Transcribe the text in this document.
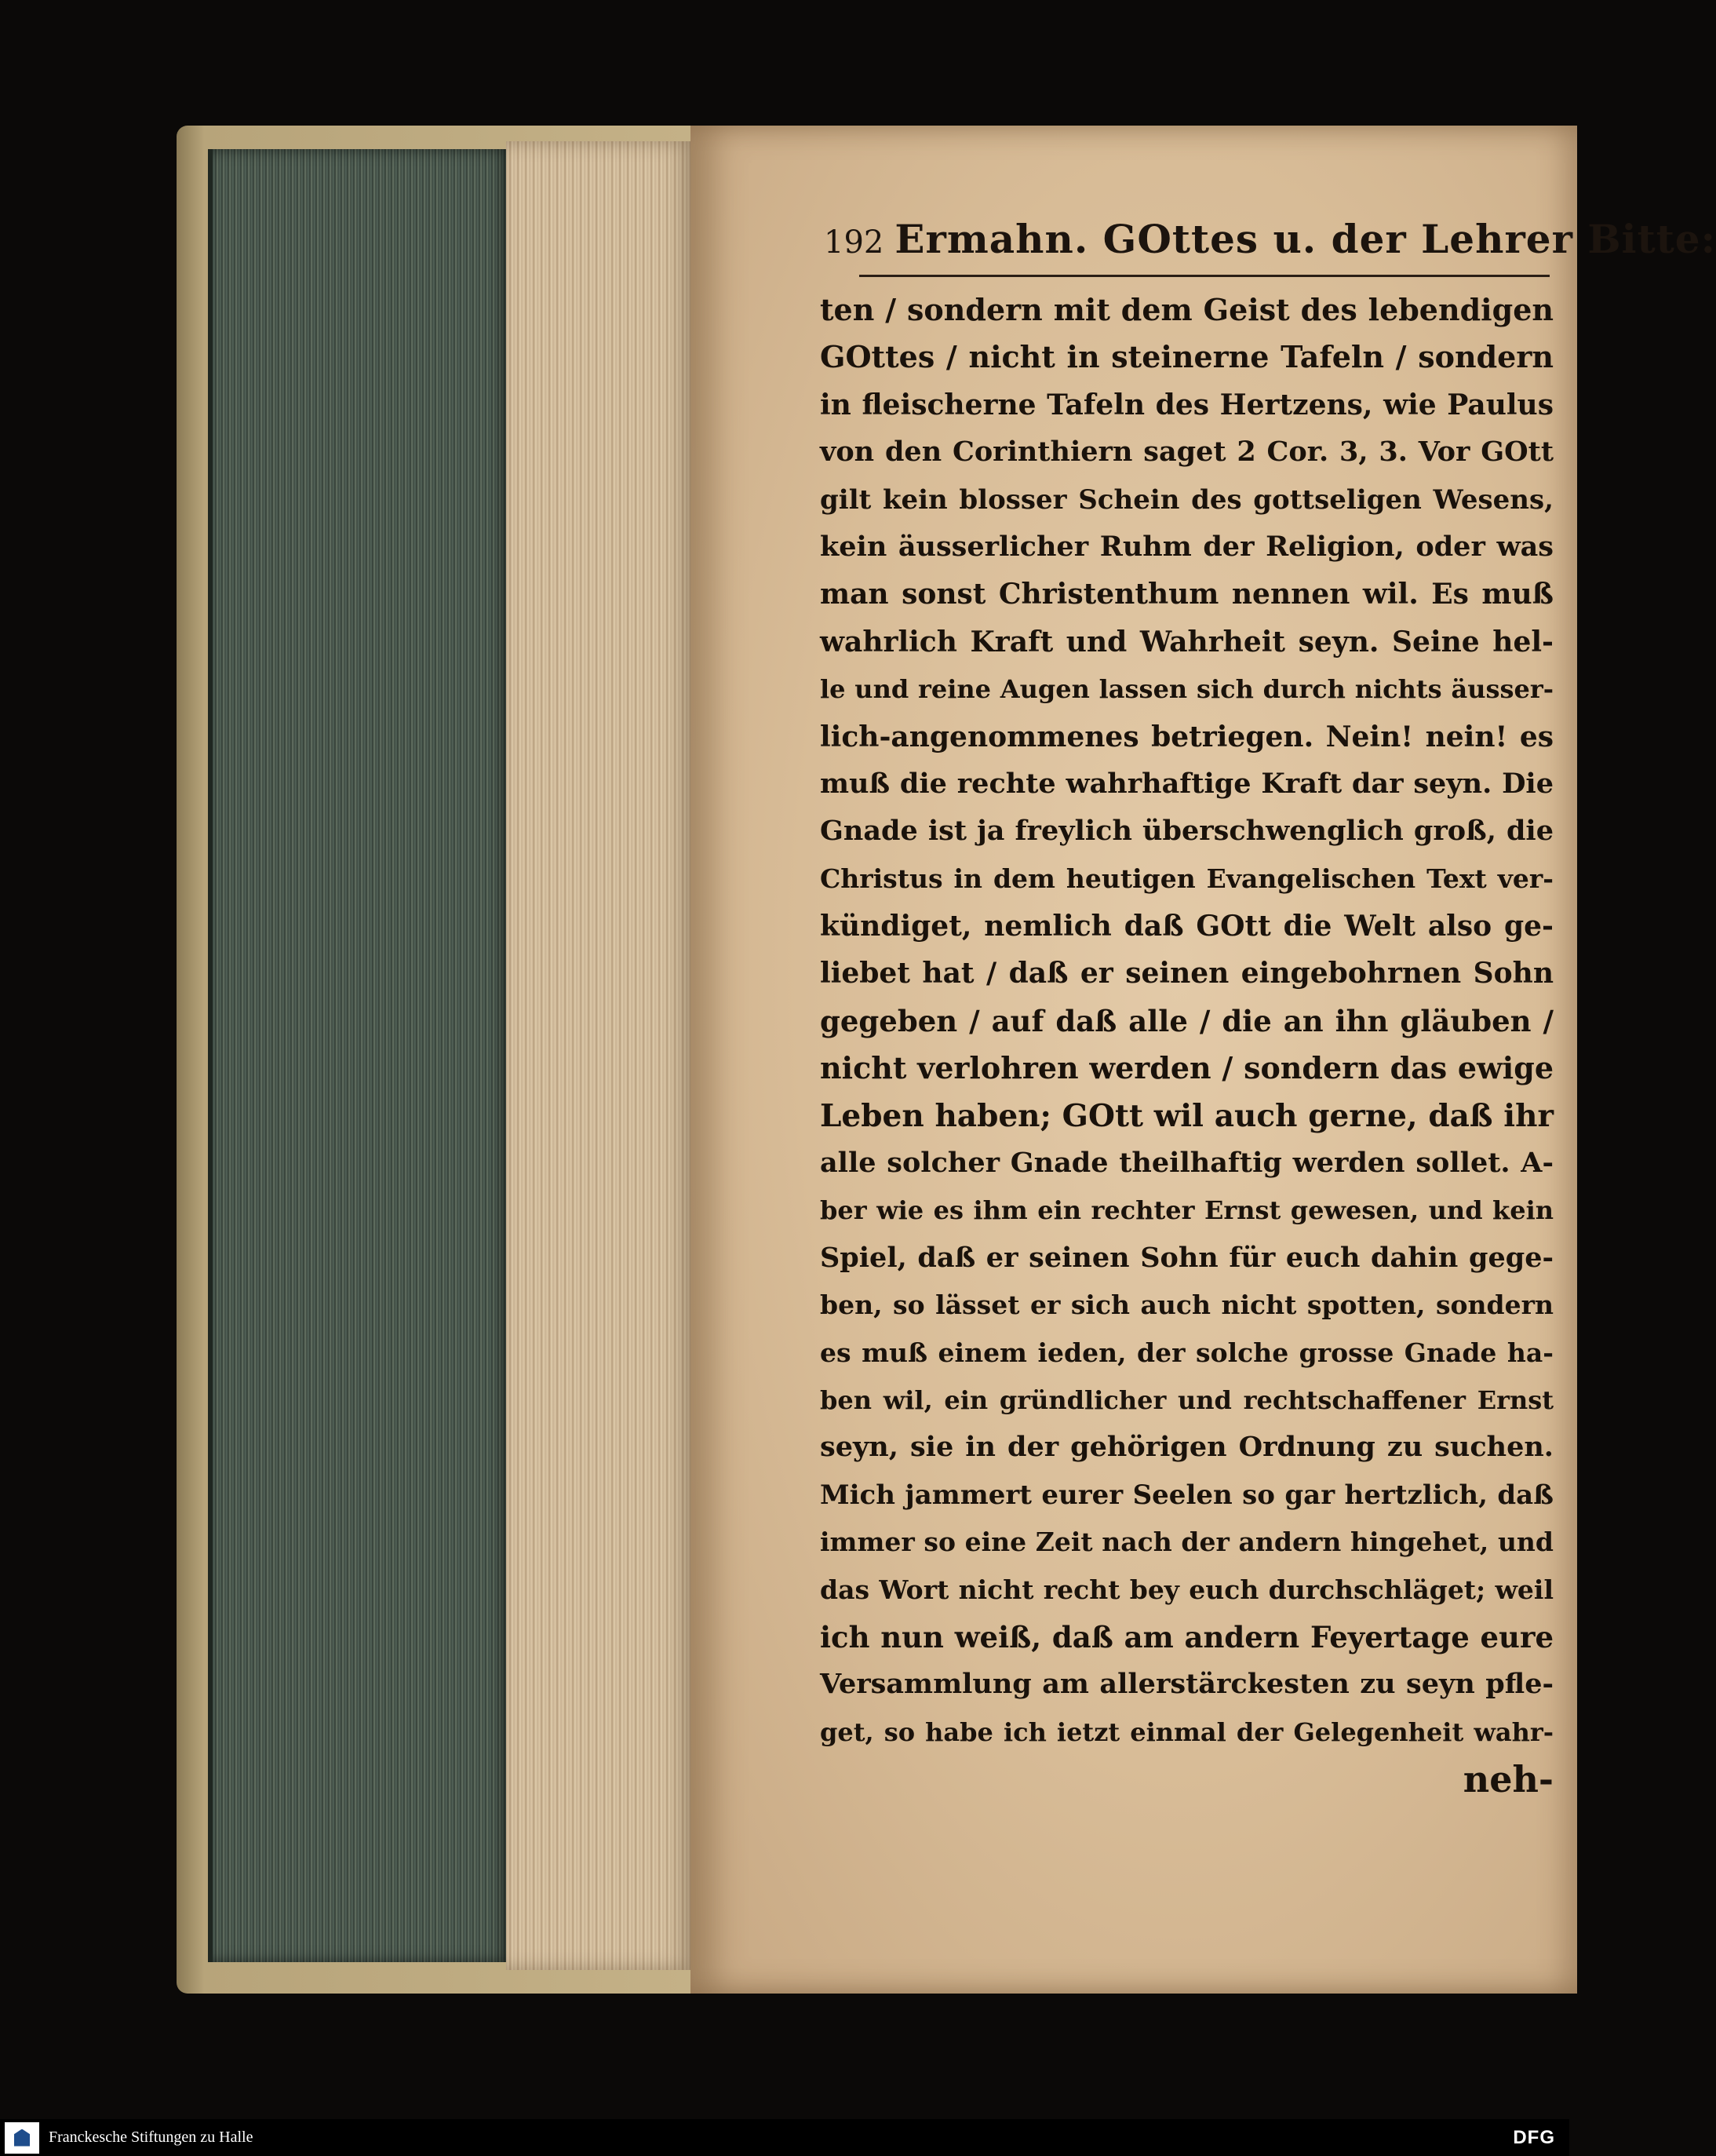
192 Ermahn. GOttes u. der Lehrer Bitte:
ten / sondern mit dem Geist des lebendigen
GOttes / nicht in steinerne Tafeln / sondern
in fleischerne Tafeln des Hertzens, wie Paulus
von den Corinthiern saget 2 Cor. 3, 3. Vor GOtt
gilt kein blosser Schein des gottseligen Wesens,
kein äusserlicher Ruhm der Religion, oder was
man sonst Christenthum nennen wil. Es muß
wahrlich Kraft und Wahrheit seyn. Seine hel-
le und reine Augen lassen sich durch nichts äusser-
lich-angenommenes betriegen. Nein! nein! es
muß die rechte wahrhaftige Kraft dar seyn. Die
Gnade ist ja freylich überschwenglich groß, die
Christus in dem heutigen Evangelischen Text ver-
kündiget, nemlich daß GOtt die Welt also ge-
liebet hat / daß er seinen eingebohrnen Sohn
gegeben / auf daß alle / die an ihn gläuben /
nicht verlohren werden / sondern das ewige
Leben haben; GOtt wil auch gerne, daß ihr
alle solcher Gnade theilhaftig werden sollet. A-
ber wie es ihm ein rechter Ernst gewesen, und kein
Spiel, daß er seinen Sohn für euch dahin gege-
ben, so lässet er sich auch nicht spotten, sondern
es muß einem ieden, der solche grosse Gnade ha-
ben wil, ein gründlicher und rechtschaffener Ernst
seyn, sie in der gehörigen Ordnung zu suchen.
Mich jammert eurer Seelen so gar hertzlich, daß
immer so eine Zeit nach der andern hingehet, und
das Wort nicht recht bey euch durchschläget; weil
ich nun weiß, daß am andern Feyertage eure
Versammlung am allerstärckesten zu seyn pfle-
get, so habe ich ietzt einmal der Gelegenheit wahr-
neh-
Franckesche Stiftungen zu Halle	DFG
